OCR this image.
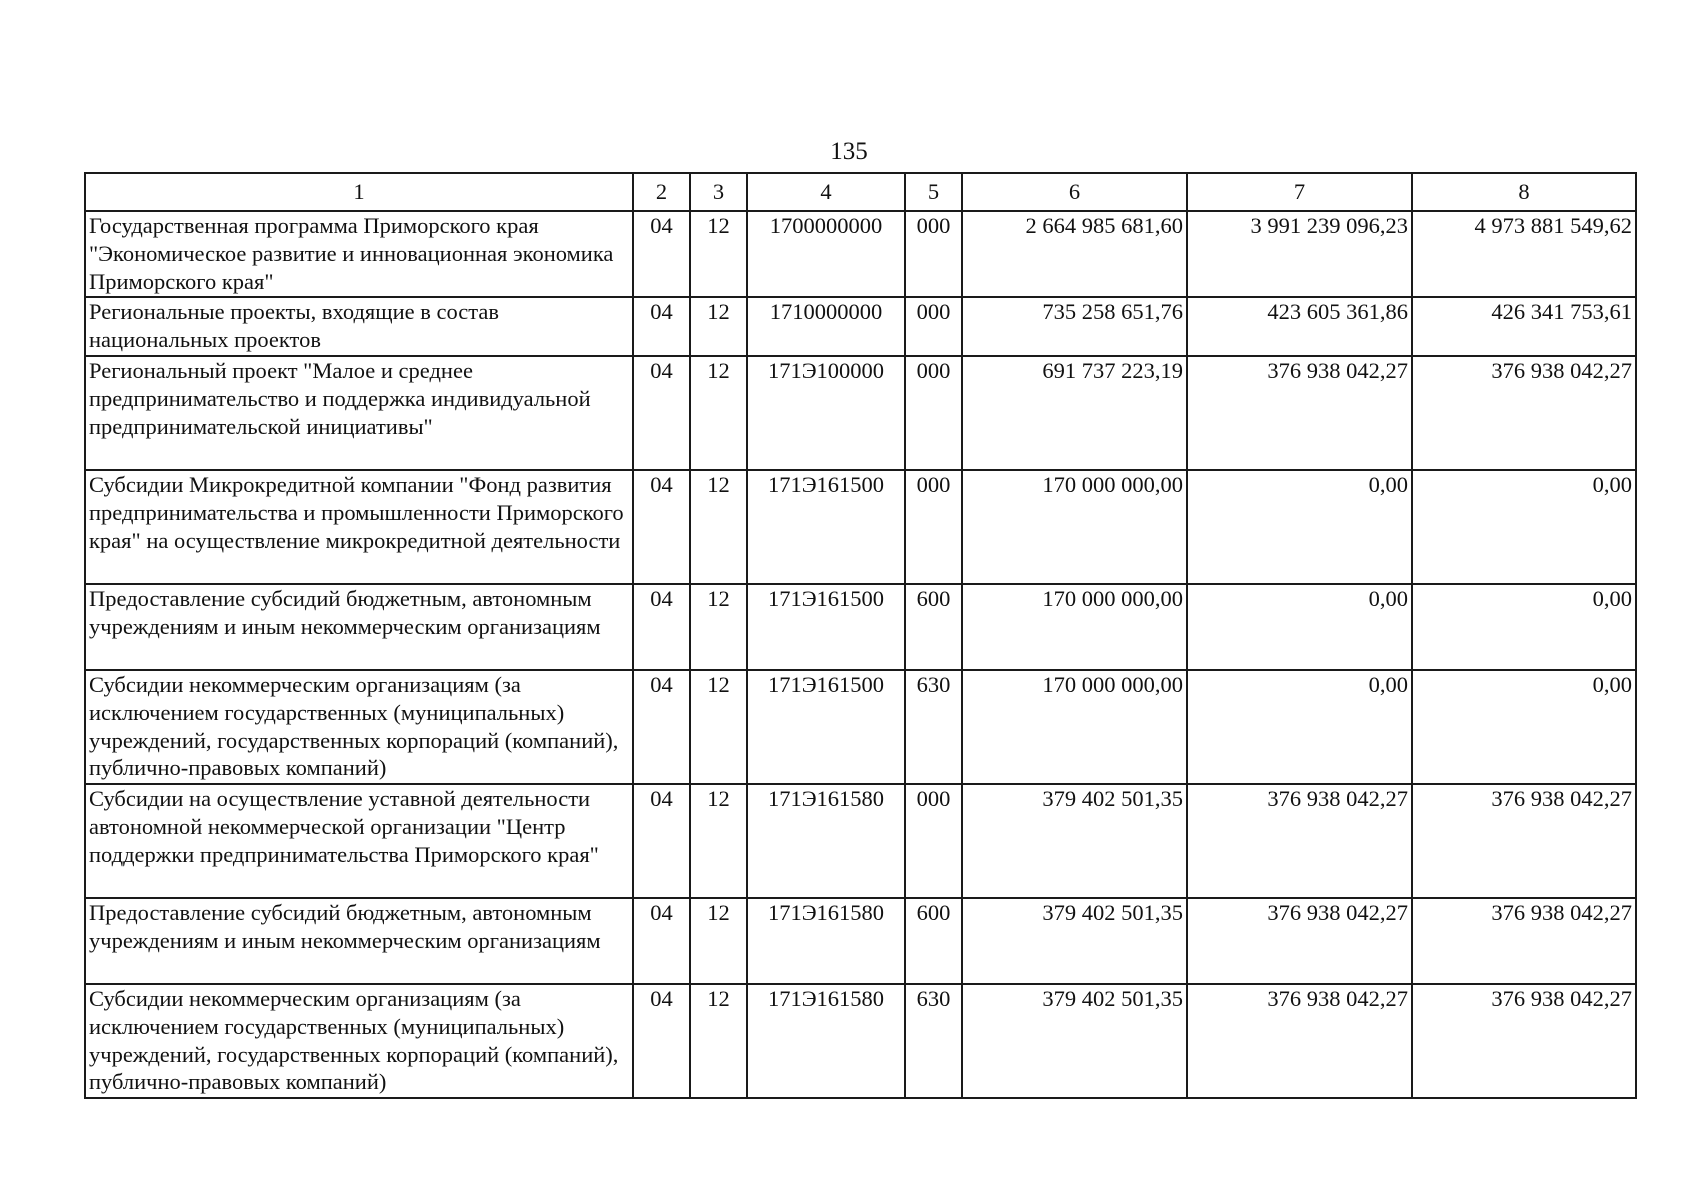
135
1	2	3	4	5	6	7	8
Государственная программа Приморского края "Экономическое развитие и инновационная экономика Приморского края"	04	12	1700000000	000	2 664 985 681,60	3 991 239 096,23	4 973 881 549,62
Региональные проекты, входящие в состав национальных проектов	04	12	1710000000	000	735 258 651,76	423 605 361,86	426 341 753,61
Региональный проект "Малое и среднее предпринимательство и поддержка индивидуальной предпринимательской инициативы"	04	12	171Э100000	000	691 737 223,19	376 938 042,27	376 938 042,27
Субсидии Микрокредитной компании "Фонд развития предпринимательства и промышленности Приморского края" на осуществление микрокредитной деятельности	04	12	171Э161500	000	170 000 000,00	0,00	0,00
Предоставление субсидий бюджетным, автономным учреждениям и иным некоммерческим организациям	04	12	171Э161500	600	170 000 000,00	0,00	0,00
Субсидии некоммерческим организациям (за исключением государственных (муниципальных) учреждений, государственных корпораций (компаний), публично-правовых компаний)	04	12	171Э161500	630	170 000 000,00	0,00	0,00
Субсидии на осуществление уставной деятельности автономной некоммерческой организации "Центр поддержки предпринимательства Приморского края"	04	12	171Э161580	000	379 402 501,35	376 938 042,27	376 938 042,27
Предоставление субсидий бюджетным, автономным учреждениям и иным некоммерческим организациям	04	12	171Э161580	600	379 402 501,35	376 938 042,27	376 938 042,27
Субсидии некоммерческим организациям (за исключением государственных (муниципальных) учреждений, государственных корпораций (компаний), публично-правовых компаний)	04	12	171Э161580	630	379 402 501,35	376 938 042,27	376 938 042,27
